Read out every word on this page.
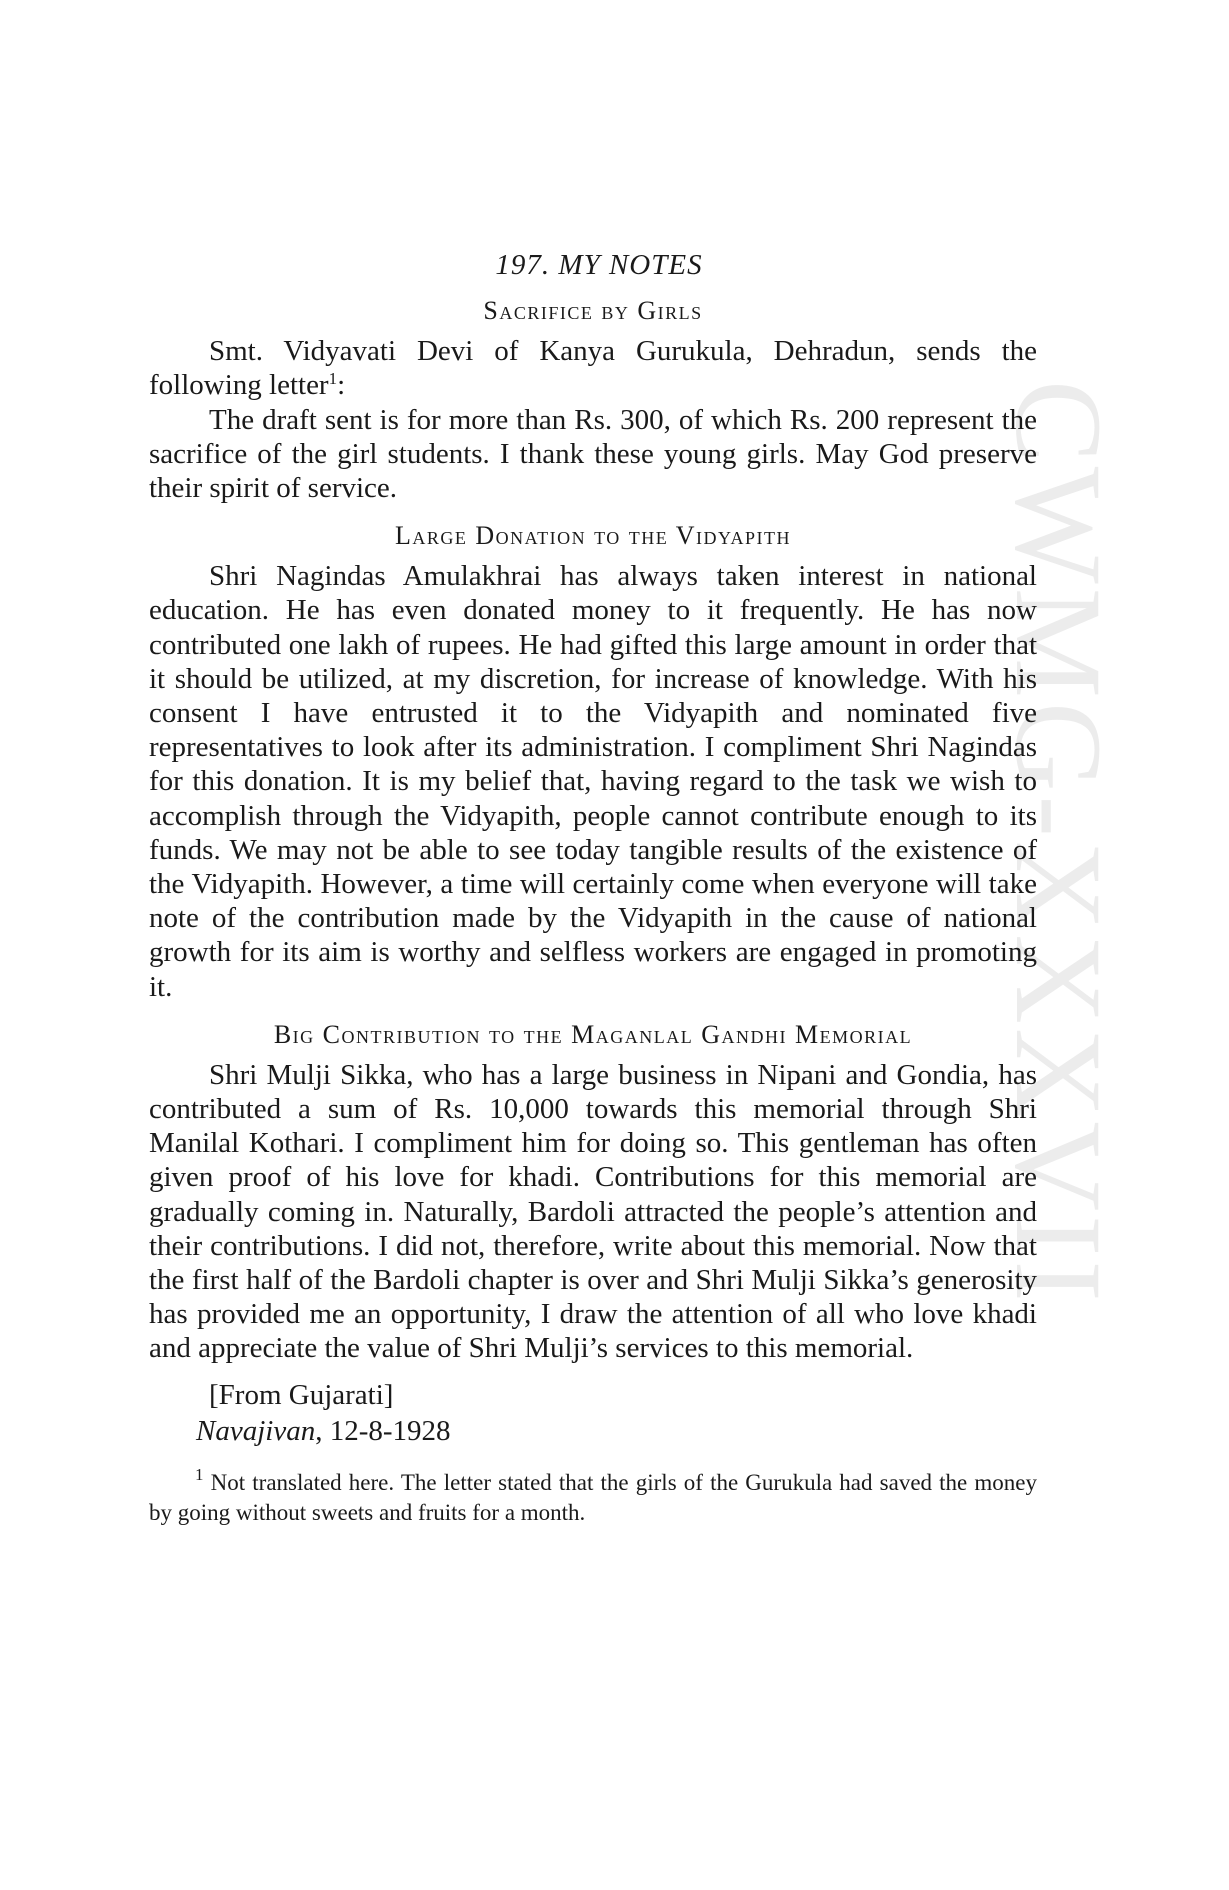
CWMG-XXXVII
197. MY NOTES
Sacrifice by Girls

Smt. Vidyavati Devi of Kanya Gurukula, Dehradun, sends the following letter$^1$:

The draft sent is for more than Rs. 300, of which Rs. 200 represent the sacrifice of the girl students. I thank these young girls. May God preserve their spirit of service.

Large Donation to the Vidyapith

Shri Nagindas Amulakhrai has always taken interest in national education. He has even donated money to it frequently. He has now contributed one lakh of rupees. He had gifted this large amount in order that it should be utilized, at my discretion, for increase of knowledge. With his consent I have entrusted it to the Vidyapith and nominated five representatives to look after its administration. I compliment Shri Nagindas for this donation. It is my belief that, having regard to the task we wish to accomplish through the Vidyapith, people cannot contribute enough to its funds. We may not be able to see today tangible results of the existence of the Vidyapith. However, a time will certainly come when everyone will take note of the contribution made by the Vidyapith in the cause of national growth for its aim is worthy and selfless workers are engaged in promoting it.

Big Contribution to the Maganlal Gandhi Memorial

Shri Mulji Sikka, who has a large business in Nipani and Gondia, has contributed a sum of Rs. 10,000 towards this memorial through Shri Manilal Kothari. I compliment him for doing so. This gentleman has often given proof of his love for khadi. Contributions for this memorial are gradually coming in. Naturally, Bardoli attracted the people’s attention and their contributions. I did not, therefore, write about this memorial. Now that the first half of the Bardoli chapter is over and Shri Mulji Sikka’s generosity has provided me an opportunity, I draw the attention of all who love khadi and appreciate the value of Shri Mulji’s services to this memorial.

[From Gujarati]
Navajivan, 12-8-1928

$^1$ Not translated here. The letter stated that the girls of the Gurukula had saved the money by going without sweets and fruits for a month.
